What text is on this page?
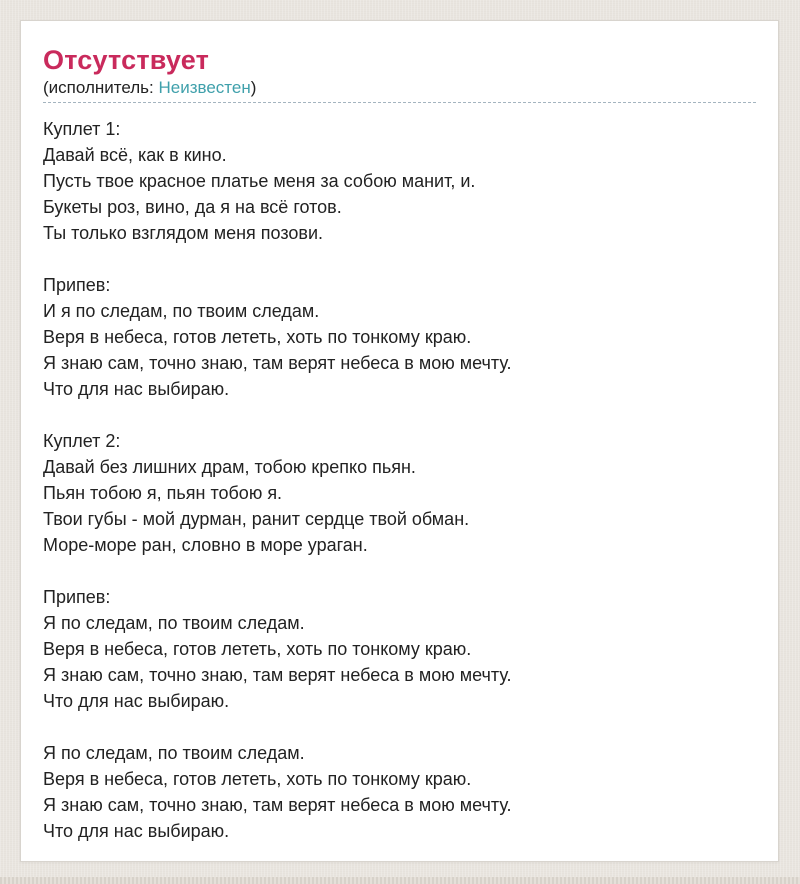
Отсутствует
(исполнитель: Неизвестен)

Куплет 1:
Давай всё, как в кино.
Пусть твое красное платье меня за собою манит, и.
Букеты роз, вино, да я на всё готов.
Ты только взглядом меня позови.

Припев:
И я по следам, по твоим следам.
Веря в небеса, готов лететь, хоть по тонкому краю.
Я знаю сам, точно знаю, там верят небеса в мою мечту.
Что для нас выбираю.

Куплет 2:
Давай без лишних драм, тобою крепко пьян.
Пьян тобою я, пьян тобою я.
Твои губы - мой дурман, ранит сердце твой обман.
Море-море ран, словно в море ураган.

Припев:
Я по следам, по твоим следам.
Веря в небеса, готов лететь, хоть по тонкому краю.
Я знаю сам, точно знаю, там верят небеса в мою мечту.
Что для нас выбираю.

Я по следам, по твоим следам.
Веря в небеса, готов лететь, хоть по тонкому краю.
Я знаю сам, точно знаю, там верят небеса в мою мечту.
Что для нас выбираю.
